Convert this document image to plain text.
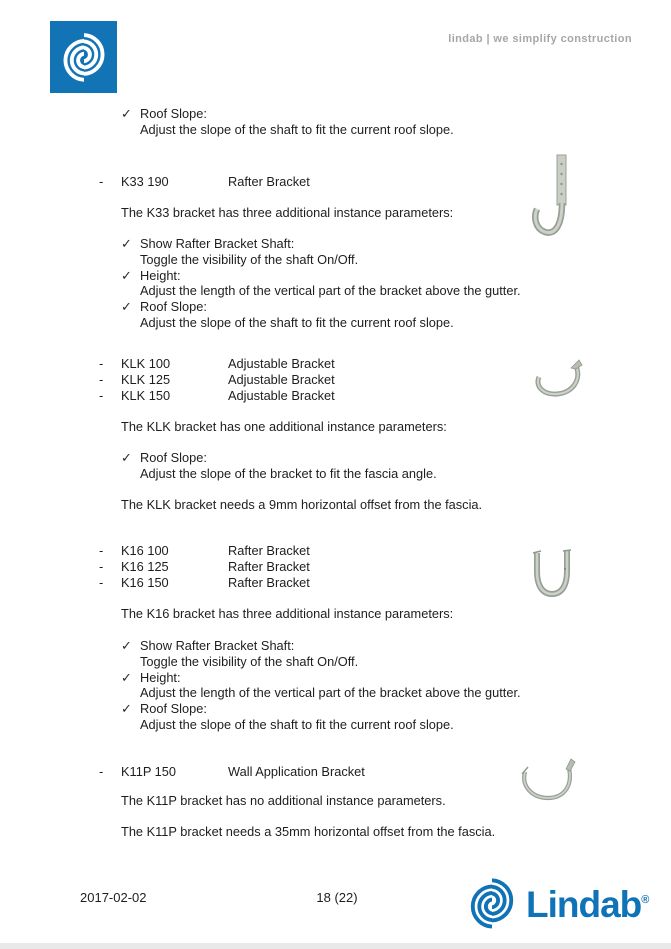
lindab | we simplify construction
✓ Roof Slope:
Adjust the slope of the shaft to fit the current roof slope.
-	K33 190	Rafter Bracket
The K33 bracket has three additional instance parameters:
✓ Show Rafter Bracket Shaft:
Toggle the visibility of the shaft On/Off.
✓ Height:
Adjust the length of the vertical part of the bracket above the gutter.
✓ Roof Slope:
Adjust the slope of the shaft to fit the current roof slope.
-	KLK 100	Adjustable Bracket
-	KLK 125	Adjustable Bracket
-	KLK 150	Adjustable Bracket
The KLK bracket has one additional instance parameters:
✓ Roof Slope:
Adjust the slope of the bracket to fit the fascia angle.
The KLK bracket needs a 9mm horizontal offset from the fascia.
-	K16 100	Rafter Bracket
-	K16 125	Rafter Bracket
-	K16 150	Rafter Bracket
The K16 bracket has three additional instance parameters:
✓ Show Rafter Bracket Shaft:
Toggle the visibility of the shaft On/Off.
✓ Height:
Adjust the length of the vertical part of the bracket above the gutter.
✓ Roof Slope:
Adjust the slope of the shaft to fit the current roof slope.
-	K11P 150	Wall Application Bracket
The K11P bracket has no additional instance parameters.
The K11P bracket needs a 35mm horizontal offset from the fascia.
2017-02-02	18 (22)	Lindab®
